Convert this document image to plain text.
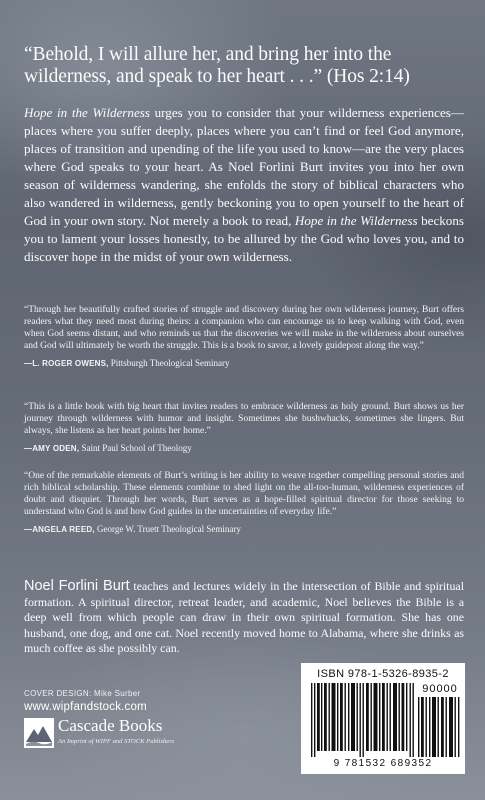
“Behold, I will allure her, and bring her into the wilderness, and speak to her heart . . .” (Hos 2:14)
Hope in the Wilderness urges you to consider that your wilderness experiences—places where you suffer deeply, places where you can’t find or feel God anymore, places of transition and upending of the life you used to know—are the very places where God speaks to your heart. As Noel Forlini Burt invites you into her own season of wilderness wandering, she enfolds the story of biblical characters who also wandered in wilderness, gently beckoning you to open yourself to the heart of God in your own story. Not merely a book to read, Hope in the Wilderness beckons you to lament your losses honestly, to be allured by the God who loves you, and to discover hope in the midst of your own wilderness.
“Through her beautifully crafted stories of struggle and discovery during her own wilderness journey, Burt offers readers what they need most during theirs: a companion who can encourage us to keep walking with God, even when God seems distant, and who reminds us that the discoveries we will make in the wilderness about ourselves and God will ultimately be worth the struggle. This is a book to savor, a lovely guidepost along the way.”
—L. ROGER OWENS, Pittsburgh Theological Seminary
“This is a little book with big heart that invites readers to embrace wilderness as holy ground. Burt shows us her journey through wilderness with humor and insight. Sometimes she bushwhacks, sometimes she lingers. But always, she listens as her heart points her home.”
—AMY ODEN, Saint Paul School of Theology
“One of the remarkable elements of Burt’s writing is her ability to weave together compelling personal stories and rich biblical scholarship. These elements combine to shed light on the all-too-human, wilderness experiences of doubt and disquiet. Through her words, Burt serves as a hope-filled spiritual director for those seeking to understand who God is and how God guides in the uncertainties of everyday life.”
—ANGELA REED, George W. Truett Theological Seminary
Noel Forlini Burt teaches and lectures widely in the intersection of Bible and spiritual formation. A spiritual director, retreat leader, and academic, Noel believes the Bible is a deep well from which people can draw in their own spiritual formation. She has one husband, one dog, and one cat. Noel recently moved home to Alabama, where she drinks as much coffee as she possibly can.
COVER DESIGN: Mike Surber
www.wipfandstock.com
Cascade Books
An Imprint of WIPF and STOCK Publishers
ISBN 978-1-5326-8935-2
90000
9 781532 689352
